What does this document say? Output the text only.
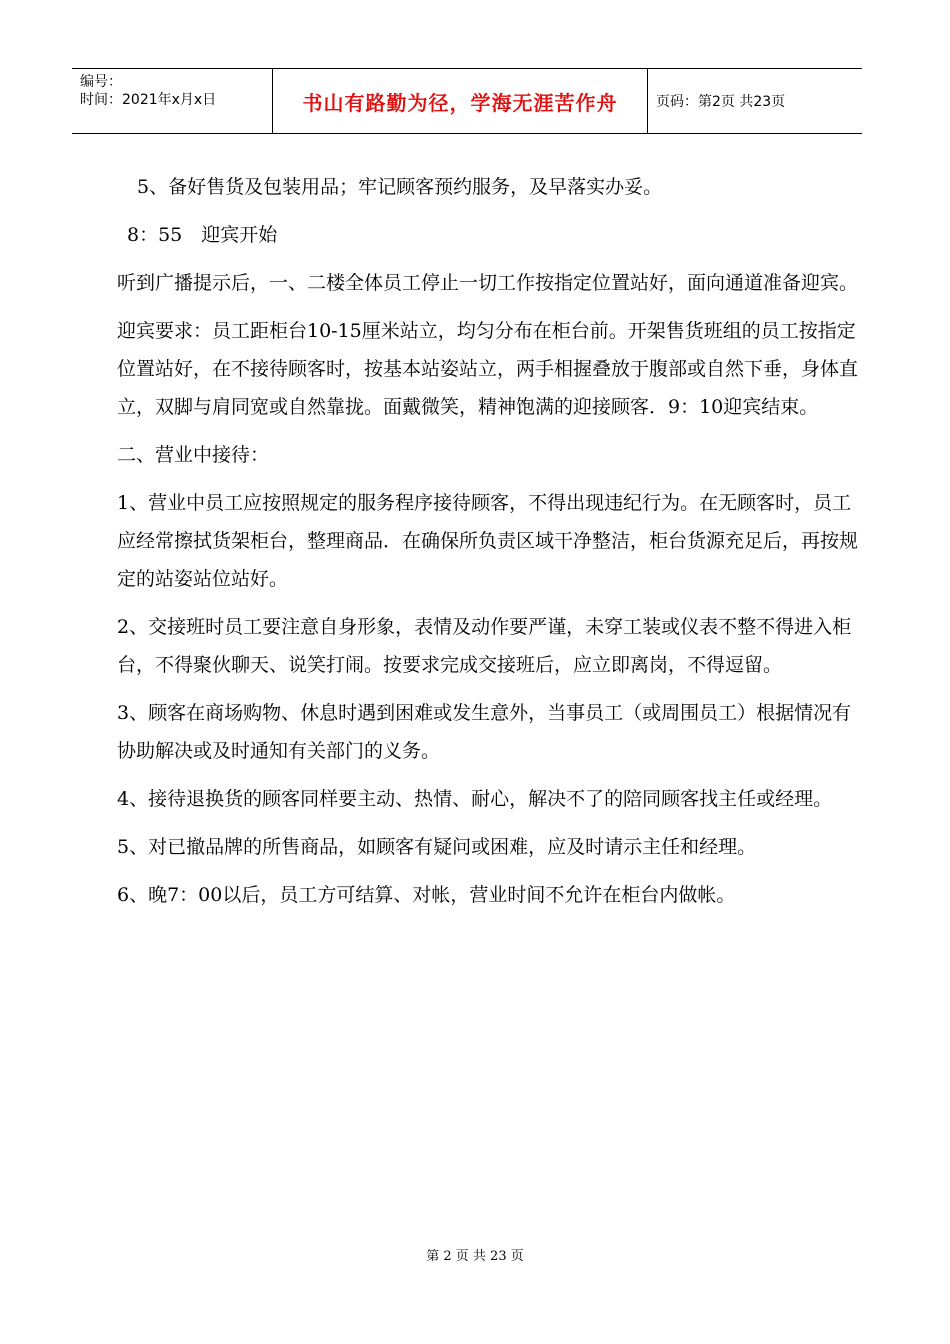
编号：
时间：2021年x月x日	书山有路勤为径，学海无涯苦作舟	页码：第2页 共23页

5、备好售货及包装用品；牢记顾客预约服务，及早落实办妥。

8：55　迎宾开始

听到广播提示后，一、二楼全体员工停止一切工作按指定位置站好，面向通道准备迎宾。

迎宾要求：员工距柜台10-15厘米站立，均匀分布在柜台前。开架售货班组的员工按指定位置站好，在不接待顾客时，按基本站姿站立，两手相握叠放于腹部或自然下垂，身体直立，双脚与肩同宽或自然靠拢。面戴微笑，精神饱满的迎接顾客．9：10迎宾结束。

二、营业中接待：

1、营业中员工应按照规定的服务程序接待顾客，不得出现违纪行为。在无顾客时，员工应经常擦拭货架柜台，整理商品．在确保所负责区域干净整洁，柜台货源充足后，再按规定的站姿站位站好。

2、交接班时员工要注意自身形象，表情及动作要严谨，未穿工装或仪表不整不得进入柜台，不得聚伙聊天、说笑打闹。按要求完成交接班后，应立即离岗，不得逗留。

3、顾客在商场购物、休息时遇到困难或发生意外，当事员工（或周围员工）根据情况有协助解决或及时通知有关部门的义务。

4、接待退换货的顾客同样要主动、热情、耐心，解决不了的陪同顾客找主任或经理。

5、对已撤品牌的所售商品，如顾客有疑问或困难，应及时请示主任和经理。

6、晚7：00以后，员工方可结算、对帐，营业时间不允许在柜台内做帐。

第 2 页 共 23 页
